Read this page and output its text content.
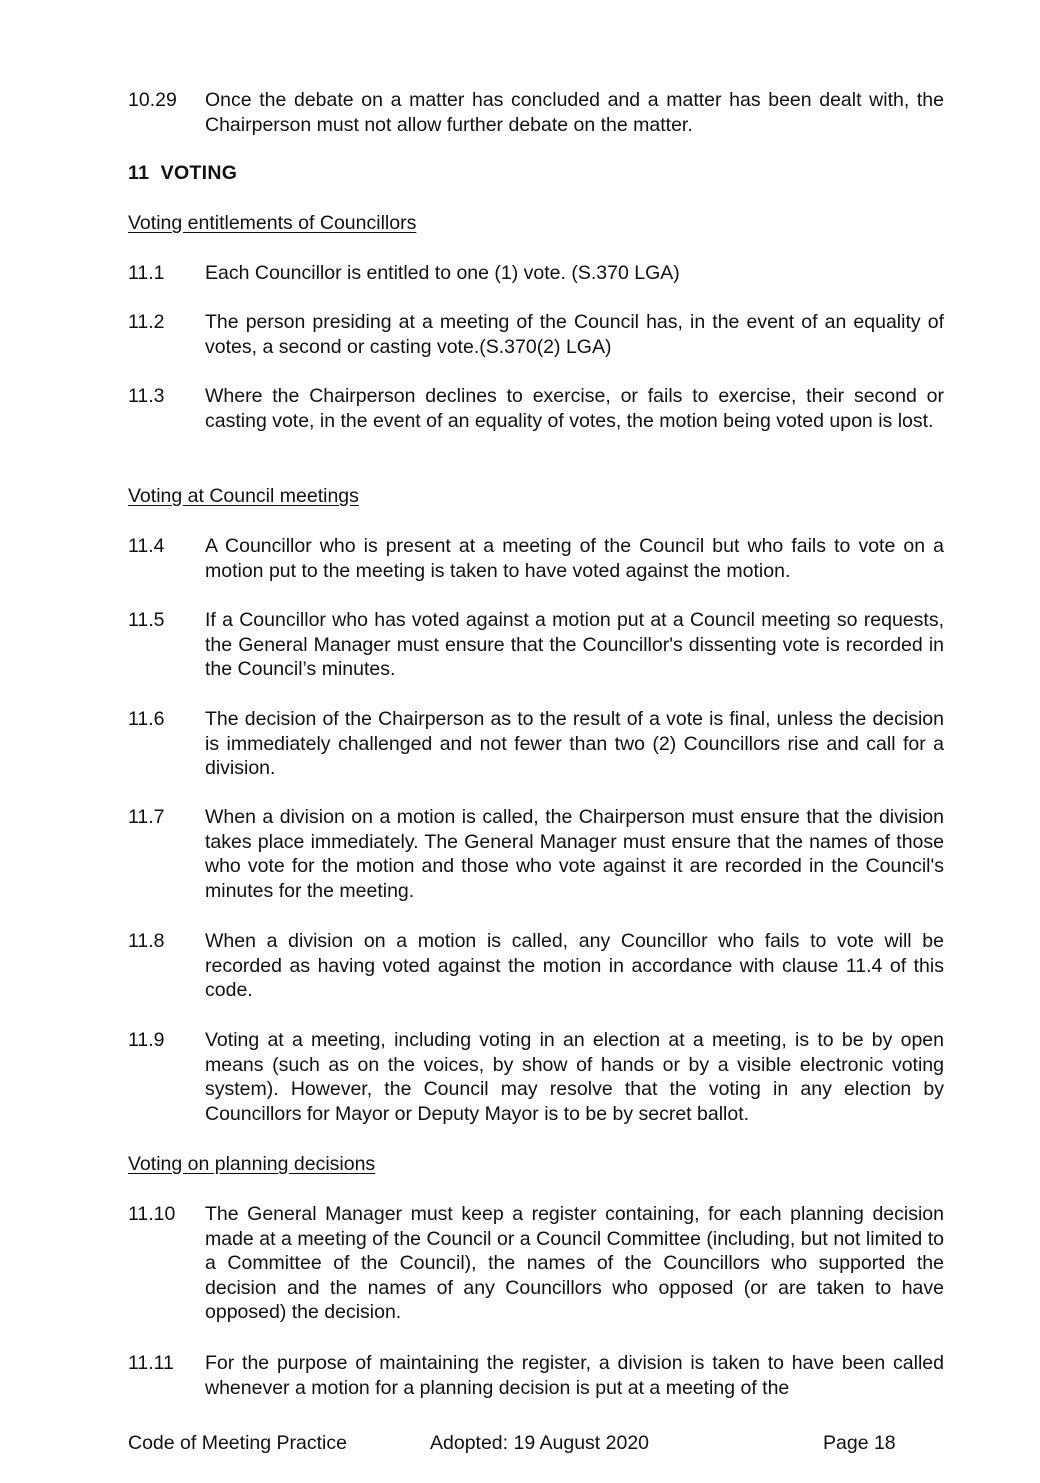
10.29	Once the debate on a matter has concluded and a matter has been dealt with, the Chairperson must not allow further debate on the matter.
11 VOTING
Voting entitlements of Councillors
11.1	Each Councillor is entitled to one (1) vote. (S.370 LGA)
11.2	The person presiding at a meeting of the Council has, in the event of an equality of votes, a second or casting vote.(S.370(2) LGA)
11.3	Where the Chairperson declines to exercise, or fails to exercise, their second or casting vote, in the event of an equality of votes, the motion being voted upon is lost.
Voting at Council meetings
11.4	A Councillor who is present at a meeting of the Council but who fails to vote on a motion put to the meeting is taken to have voted against the motion.
11.5	If a Councillor who has voted against a motion put at a Council meeting so requests, the General Manager must ensure that the Councillor's dissenting vote is recorded in the Council’s minutes.
11.6	The decision of the Chairperson as to the result of a vote is final, unless the decision is immediately challenged and not fewer than two (2) Councillors rise and call for a division.
11.7	When a division on a motion is called, the Chairperson must ensure that the division takes place immediately. The General Manager must ensure that the names of those who vote for the motion and those who vote against it are recorded in the Council's minutes for the meeting.
11.8	When a division on a motion is called, any Councillor who fails to vote will be recorded as having voted against the motion in accordance with clause 11.4 of this code.
11.9	Voting at a meeting, including voting in an election at a meeting, is to be by open means (such as on the voices, by show of hands or by a visible electronic voting system). However, the Council may resolve that the voting in any election by Councillors for Mayor or Deputy Mayor is to be by secret ballot.
Voting on planning decisions
11.10	The General Manager must keep a register containing, for each planning decision made at a meeting of the Council or a Council Committee (including, but not limited to a Committee of the Council), the names of the Councillors who supported the decision and the names of any Councillors who opposed (or are taken to have opposed) the decision.
11.11	For the purpose of maintaining the register, a division is taken to have been called whenever a motion for a planning decision is put at a meeting of the
Code of Meeting Practice	Adopted: 19 August 2020	Page 18
